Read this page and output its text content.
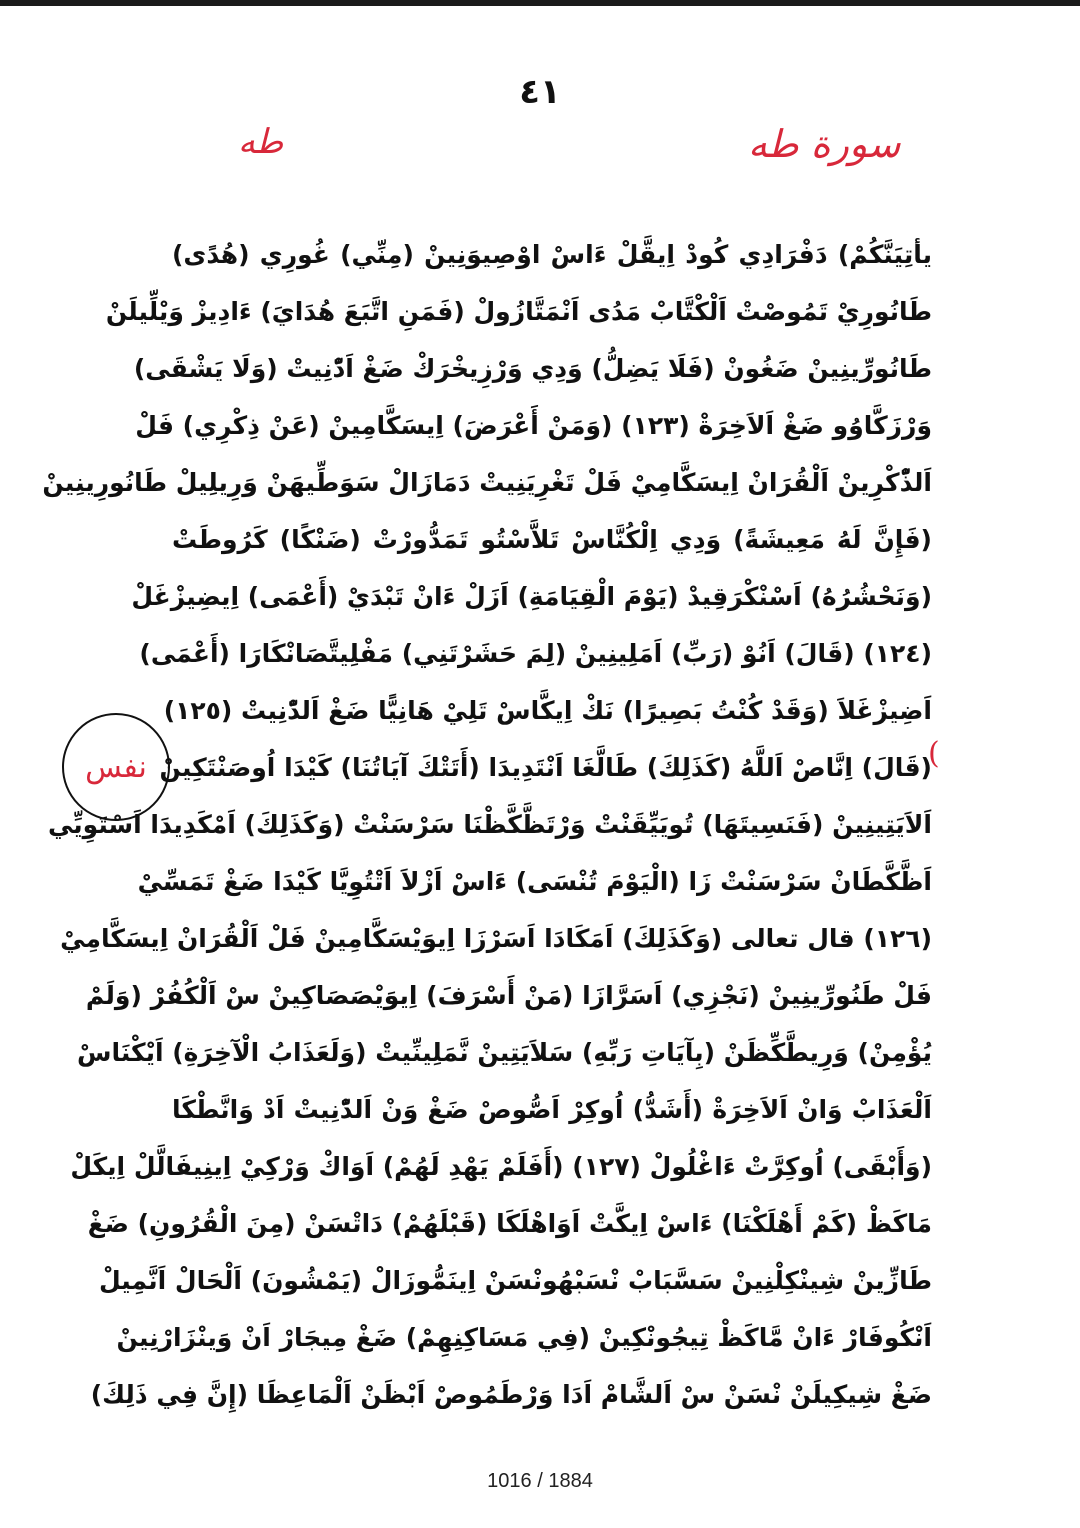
٤١
سورة طه
طه
نفس	(
يأتِيَنَّكُمْ) دَفْرَادِي كُودْ اِيقَّلْ ءَاسْ اوْصِيوَنِينْ (مِنِّي) غُورِي (هُدًى)
طَانُورِيْ تَمُوصْتْ اَلْكْتَّابْ مَدُى اَنْمَتَّازُولْ (فَمَنِ اتَّبَعَ هُدَايَ) ءَادِيزْ وَيْلِّيلَنْ
طَانُورِّينِينْ ضَغُونْ (فَلَا يَضِلُّ) وَدِي وَرْزِيخْرَكْ ضَغْ اَدّْنِيتْ (وَلَا يَشْقَى)
وَرْزَكَّاوُو ضَغْ اَلاَخِرَةْ (١٢٣) (وَمَنْ أَعْرَضَ) اِيسَكَّامِينْ (عَنْ ذِكْرِي) فَلْ
اَلذّْكْرِينْ اَلْقُرَانْ اِيسَكَّامِيْ فَلْ تَغْرِيَنِيتْ دَمَازَالْ سَوَطِّيهَنْ وَرِيلِيلْ طَانُورِينِينْ
(فَإِنَّ لَهُ مَعِيشَةً) وَدِي اِلْكُنَّاسْ تَلاَّسْتُو تَمَدُّورْتْ (ضَنْكًا) كَرُوطَتْ
(وَنَحْشُرُهُ) اَسْنْكْرَقِيدْ (يَوْمَ الْقِيَامَةِ) اَزَلْ ءَانْ تَبْدَيْ (أَعْمَى) اِيضِيزْغَلْ
(١٢٤) (قَالَ) اَنُوْ (رَبِّ) اَمَلِينِينْ (لِمَ حَشَرْتَنِي) مَفْلِيتَّصَانْكَارَا (أَعْمَى)
اَضِيزْغَلاَ (وَقَدْ كُنْتُ بَصِيرًا) نَكْ اِيكَّاسْ تَلِيْ هَانِيًّا ضَغْ اَلدّْنِيتْ (١٢٥)
(قَالَ) اِنَّاصْ اَللَّهُ (كَذَلِكَ) طَالَّغَا اَنْتَدِيدَا (أَتَتْكَ آيَاتُنَا) كَيْدَا اُوصَنْتَكِينْ
اَلاَيَتِينِينْ (فَنَسِيتَهَا) تُويَيِّقَنْتْ وَرْتَظَّكَّظْنَا سَرْسَنْتْ (وَكَذَلِكَ) اَمْكَدِيدَا اَسْتَوِيِّي
اَظَّكَّطَانْ سَرْسَنْتْ زَا (الْيَوْمَ تُنْسَى) ءَاسْ اَزْلاَ اَتْتُوِيَّا كَيْدَا ضَغْ تَمَسِّيْ
(١٢٦) قال تعالى (وَكَذَلِكَ) اَمَكَادَا اَسَرْزَا اِيوَيْسَكَّامِينْ فَلْ اَلْقُرَانْ اِيسَكَّامِيْ
فَلْ طَنُورِّينِينْ (نَجْزِي) اَسَرَّازَا (مَنْ أَسْرَفَ) اِيوَيْصَصَاكِينْ سْ اَلْكُفُرْ (وَلَمْ
يُؤْمِنْ) وَرِيطَّكِّظَنْ (بِآيَاتِ رَبِّهِ) سَلاَيَتِينْ نَّمَلِينِّيتْ (وَلَعَذَابُ الْآخِرَةِ) اَيْكْنَاسْ
اَلْعَذَابْ وَانْ اَلاَخِرَةْ (أَشَدُّ) اُوكِرْ اَصُّوصْ ضَغْ وَنْ اَلدّْنِيتْ اَدْ وَانَّطْكَا
(وَأَبْقَى) اُوكِرَّتْ ءَاغْلُولْ (١٢٧) (أَفَلَمْ يَهْدِ لَهُمْ) اَوَاكْ وَرْكِيْ اِينِيفَالَّلْ اِيكَلْ
مَاكَظْ (كَمْ أَهْلَكْنَا) ءَاسْ اِيكَّتْ اَوَاهْلَكَا (قَبْلَهُمْ) دَاتْسَنْ (مِنَ الْقُرُونِ) ضَغْ
طَازِّينْ شِينْكِلْنِينْ سَسَّبَابْ نْسَبْهُونْسَنْ اِينَمُّوزَالْ (يَمْشُونَ) اَلْحَالْ اَنَّمِيلْ
اَنْكُوفَارْ ءَانْ مَّاكَظْ تِيجُونْكِينْ (فِي مَسَاكِنِهِمْ) ضَغْ مِيجَارْ اَنْ وَينْزَارْنِينْ
ضَغْ شِيكِيلَنْ نْسَنْ سْ اَلشَّامْ اَدَا وَرْطَمُوصْ اَبْظَنْ اَلْمَاعِظَا (إِنَّ فِي ذَلِكَ)
1016 / 1884
